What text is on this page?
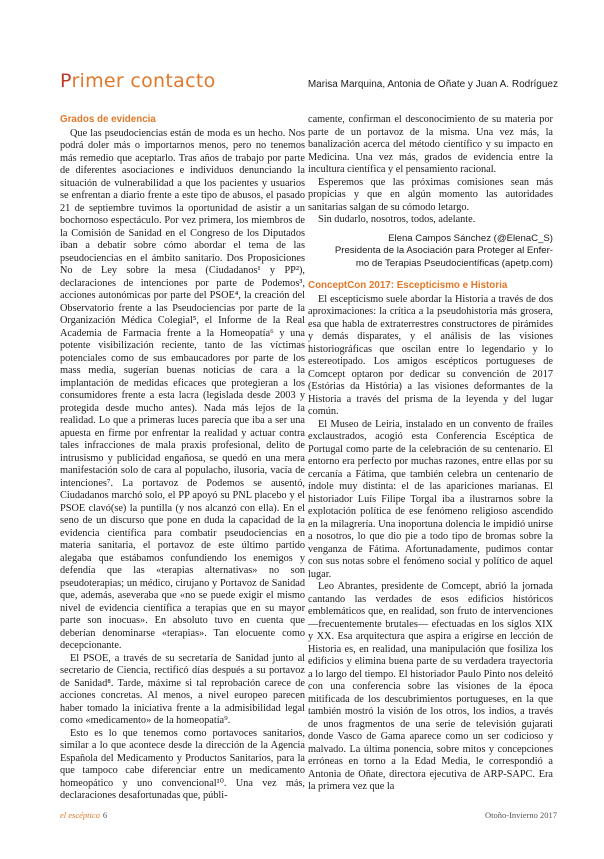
Primer contacto	Marisa Marquina, Antonia de Oñate y Juan A. Rodríguez
Grados de evidencia

Que las pseudociencias están de moda es un hecho. Nos podrá doler más o importarnos menos, pero no tenemos más remedio que aceptarlo. Tras años de trabajo por parte de diferentes asociaciones e individuos denunciando la situación de vulnerabilidad a que los pacientes y usuarios se enfrentan a diario frente a este tipo de abusos, el pasado 21 de septiembre tuvimos la oportunidad de asistir a un bochornoso espectáculo. Por vez primera, los miembros de la Comisión de Sanidad en el Congreso de los Diputados iban a debatir sobre cómo abordar el tema de las pseudociencias en el ámbito sanitario. Dos Proposiciones No de Ley sobre la mesa (Ciudadanos¹ y PP²), declaraciones de intenciones por parte de Podemos³, acciones autonómicas por parte del PSOE⁴, la creación del Observatorio frente a las Pseudociencias por parte de la Organización Médica Colegial⁵, el Informe de la Real Academia de Farmacia frente a la Homeopatía⁶ y una potente visibilización reciente, tanto de las víctimas potenciales como de sus embaucadores por parte de los mass media, sugerían buenas noticias de cara a la implantación de medidas eficaces que protegieran a los consumidores frente a esta lacra (legislada desde 2003 y protegida desde mucho antes). Nada más lejos de la realidad. Lo que a primeras luces parecía que iba a ser una apuesta en firme por enfrentar la realidad y actuar contra tales infracciones de mala praxis profesional, delito de intrusismo y publicidad engañosa, se quedó en una mera manifestación solo de cara al populacho, ilusoria, vacía de intenciones⁷. La portavoz de Podemos se ausentó, Ciudadanos marchó solo, el PP apoyó su PNL placebo y el PSOE clavó(se) la puntilla (y nos alcanzó con ella). En el seno de un discurso que pone en duda la capacidad de la evidencia científica para combatir pseudociencias en materia sanitaria, el portavoz de este último partido alegaba que estábamos confundiendo los enemigos y defendía que las «terapias alternativas» no son pseudoterapias; un médico, cirujano y Portavoz de Sanidad que, además, aseveraba que «no se puede exigir el mismo nivel de evidencia científica a terapias que en su mayor parte son inocuas». En absoluto tuvo en cuenta que deberían denominarse «terapias». Tan elocuente como decepcionante.

El PSOE, a través de su secretaría de Sanidad junto al secretario de Ciencia, rectificó días después a su portavoz de Sanidad⁸. Tarde, máxime si tal reprobación carece de acciones concretas. Al menos, a nivel europeo parecen haber tomado la iniciativa frente a la admisibilidad legal como «medicamento» de la homeopatía⁹.

Esto es lo que tenemos como portavoces sanitarios, similar a lo que acontece desde la dirección de la Agencia Española del Medicamento y Productos Sanitarios, para la que tampoco cabe diferenciar entre un medicamento homeopático y uno convencional¹⁰. Una vez más, declaraciones desafortunadas que, públi-

camente, confirman el desconocimiento de su materia por parte de un portavoz de la misma. Una vez más, la banalización acerca del método científico y su impacto en Medicina. Una vez más, grados de evidencia entre la incultura científica y el pensamiento racional.

Esperemos que las próximas comisiones sean más propicias y que en algún momento las autoridades sanitarias salgan de su cómodo letargo.

Sin dudarlo, nosotros, todos, adelante.

Elena Campos Sánchez (@ElenaC_S)
Presidenta de la Asociación para Proteger al Enfer-
mo de Terapias Pseudocientíficas (apetp.com)
ConceptCon 2017: Escepticismo e Historia

El escepticismo suele abordar la Historia a través de dos aproximaciones: la crítica a la pseudohistoria más grosera, esa que habla de extraterrestres constructores de pirámides y demás disparates, y el análisis de las visiones historiográficas que oscilan entre lo legendario y lo estereotipado. Los amigos escépticos portugueses de Comcept optaron por dedicar su convención de 2017 (Estórias da História) a las visiones deformantes de la Historia a través del prisma de la leyenda y del lugar común.

El Museo de Leiria, instalado en un convento de frailes exclaustrados, acogió esta Conferencia Escéptica de Portugal como parte de la celebración de su centenario. El entorno era perfecto por muchas razones, entre ellas por su cercanía a Fátima, que también celebra un centenario de índole muy distinta: el de las apariciones marianas. El historiador Luís Filipe Torgal iba a ilustrarnos sobre la explotación política de ese fenómeno religioso ascendido en la milagrería. Una inoportuna dolencia le impidió unirse a nosotros, lo que dio pie a todo tipo de bromas sobre la venganza de Fátima. Afortunadamente, pudimos contar con sus notas sobre el fenómeno social y político de aquel lugar.

Leo Abrantes, presidente de Comcept, abrió la jornada cantando las verdades de esos edificios históricos emblemáticos que, en realidad, son fruto de intervenciones —frecuentemente brutales— efectuadas en los siglos XIX y XX. Esa arquitectura que aspira a erigirse en lección de Historia es, en realidad, una manipulación que fosiliza los edificios y elimina buena parte de su verdadera trayectoria a lo largo del tiempo. El historiador Paulo Pinto nos deleitó con una conferencia sobre las visiones de la época mitificada de los descubrimientos portugueses, en la que también mostró la visión de los otros, los indios, a través de unos fragmentos de una serie de televisión gujarati donde Vasco de Gama aparece como un ser codicioso y malvado. La última ponencia, sobre mitos y concepciones erróneas en torno a la Edad Media, le correspondió a Antonia de Oñate, directora ejecutiva de ARP-SAPC. Era la primera vez que la

el escéptico 6	Otoño-Invierno 2017
